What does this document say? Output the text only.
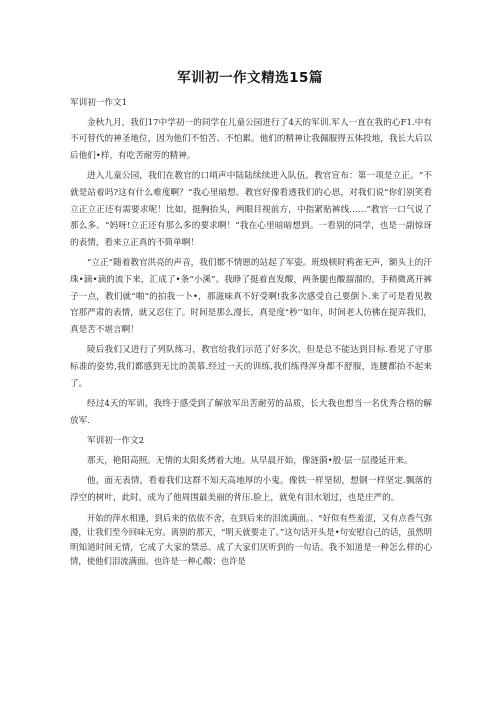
军训初一作文精选15篇

军训初一作文1

金秋九月，我们17中学初一的同学在儿童公园进行了4天的军训.军人一直在我的心F1.中有不可替代的神圣地位，因为他们不怕苦、不怕累。他们的精神让我佩服得五体投地，我长大后以后他们•样，有吃苦耐劳的精神。

进入儿童公园，我们在教官的口哨声中陆陆续续进入队伍。教官宣布：第一项是立正。“不就是站着吗?这有什么难度啊？“我心里暗想。教官好像看透我们的心思，对我们说“你们别笑看立正立正还有需要求呢！比如，挺胸抬头，两眼目视前方，中指紧贴裤线……”教官一口气说了那么多。“妈呀!立正还有那么多的要求啊！”我在心里暗暗想到。一看别的同学，也是一副惊讶的表情，看来立正真的不简单啊！

“立正”随着教官洪亮的声音，我们都不情愿的站起了军姿。班级顿时鸦雀无声，额头上的汗珠•滴•滴的流下来，汇成了•条“小溪”。我睁了挺着直发酸，两条腿也酸溜溜的，手稍微离开裤子一点，教们就“啪”的拍我一卜•，那滋味真不好受啊!我多次感受自己要倒卜.来了可是看见教官那严肃的表情，就又忍住了。时间是那么漫长，真是度"秒’’如年，时间老人仿佛在捉弄我们，真是苦不堪言啊！

陵后我们又进行了列队练习，教官给我们示范了好多次，但是总不能达到目标.看见了守那标准的姿势,我们都感到无比的羡慕.经过一天的训练,我们练得浑身都不舒服，连腰都抬不起来了。

经过4天的军训，我终于感受到了解放军出苦耐劳的品质，长大我也想当一名优秀合格的解放军.

军训初一作文2

那天，艳阳高照。无情的太阳炙烤着大地。从早晨开始，像涟漪•般·层一层漫延开来。

他，面无表情，看着我们这群不知天高地厚的小鬼。像铁一样坚韧，想钢一样坚定.飘落的浮空的树叶，此时，成为了他周围最美丽的背压.脸上，就免有泪水划过，也是庄严的。

开始的萍水相逢，到后来的依依不舍，在到后来的泪流满面。、°好似有些羞涩，又有点香气弥漫，让我们至今回味无穷。离别的那天，“明天就要走了。”这句话开头是•句安慰自己的话，虽然明明知道时间无情，它成了大家的禁忌、成了大家们厌听到的一句话。我不知道是一种怎么样的心情，使他们泪流满面。也许是一种心酸；也许是
